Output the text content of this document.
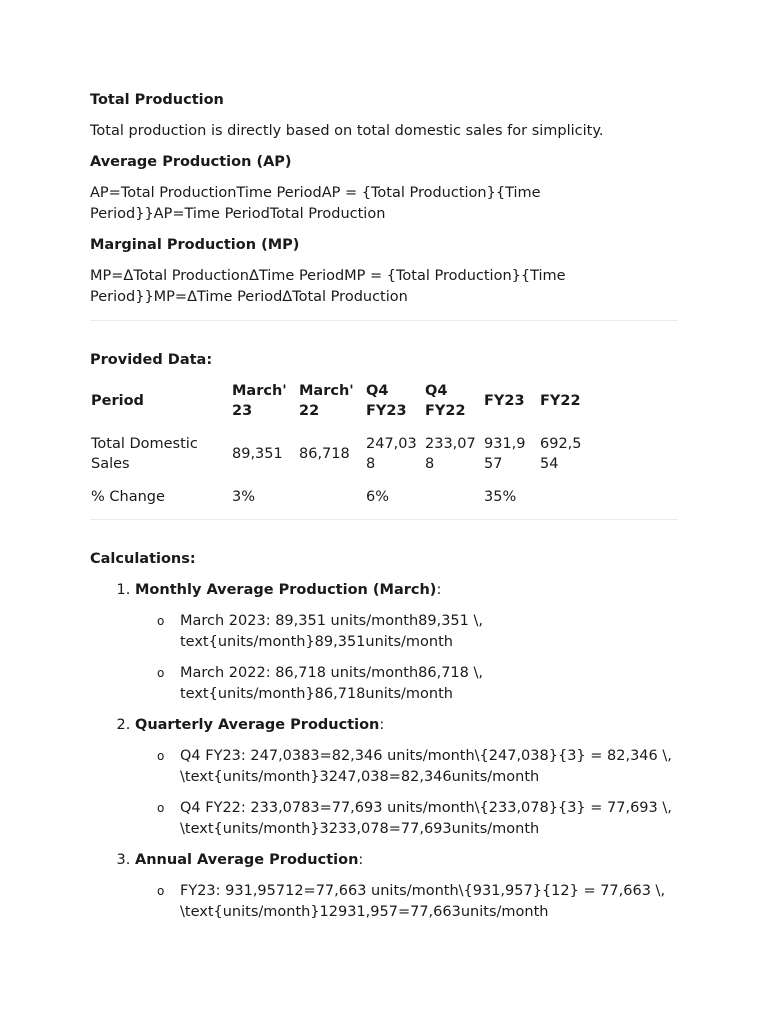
Total Production

Total production is directly based on total domestic sales for simplicity.

Average Production (AP)

AP=Total ProductionTime PeriodAP = {Total Production}{Time Period}}AP=Time PeriodTotal Production

Marginal Production (MP)

MP=ΔTotal ProductionΔTime PeriodMP = {Total Production}{Time Period}}MP=ΔTime PeriodΔTotal Production

Provided Data:
Period	March' 23	March' 22	Q4 FY23	Q4 FY22	FY23	FY22
Total Domestic Sales	89,351	86,718	247,038	233,078	931,957	692,554
% Change	3%		6%		35%	
Calculations:
1. Monthly Average Production (March):
o March 2023: 89,351 units/month89,351 \, text{units/month}89,351units/month
o March 2022: 86,718 units/month86,718 \, text{units/month}86,718units/month
2. Quarterly Average Production:
o Q4 FY23: 247,0383=82,346 units/month\{247,038}{3} = 82,346 \, \text{units/month}3247,038=82,346units/month
o Q4 FY22: 233,0783=77,693 units/month\{233,078}{3} = 77,693 \, \text{units/month}3233,078=77,693units/month
3. Annual Average Production:
o FY23: 931,95712=77,663 units/month\{931,957}{12} = 77,663 \, \text{units/month}12931,957=77,663units/month
